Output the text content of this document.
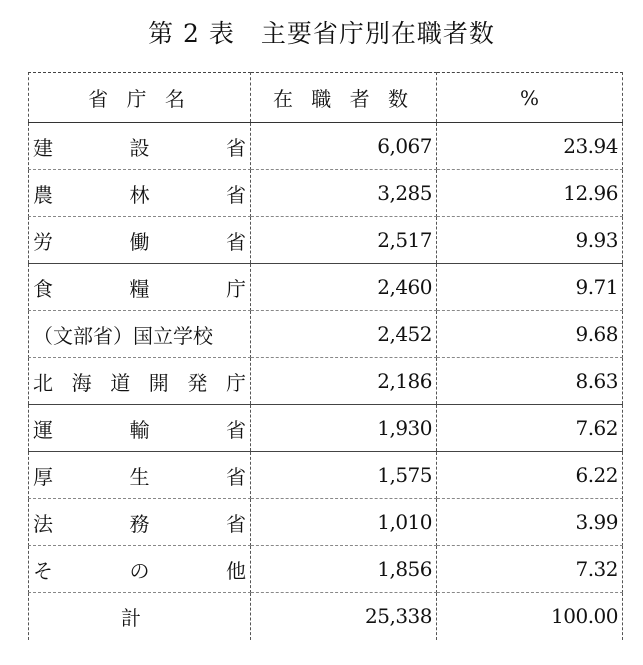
第 2 表　主要省庁別在職者数
省 庁 名	在 職 者 数	%
建設省	6,067	23.94
農林省	3,285	12.96
労働省	2,517	9.93
食糧庁	2,460	9.71
（文部省）国立学校	2,452	9.68
北海道開発庁	2,186	8.63
運輸省	1,930	7.62
厚生省	1,575	6.22
法務省	1,010	3.99
その他	1,856	7.32
計	25,338	100.00
